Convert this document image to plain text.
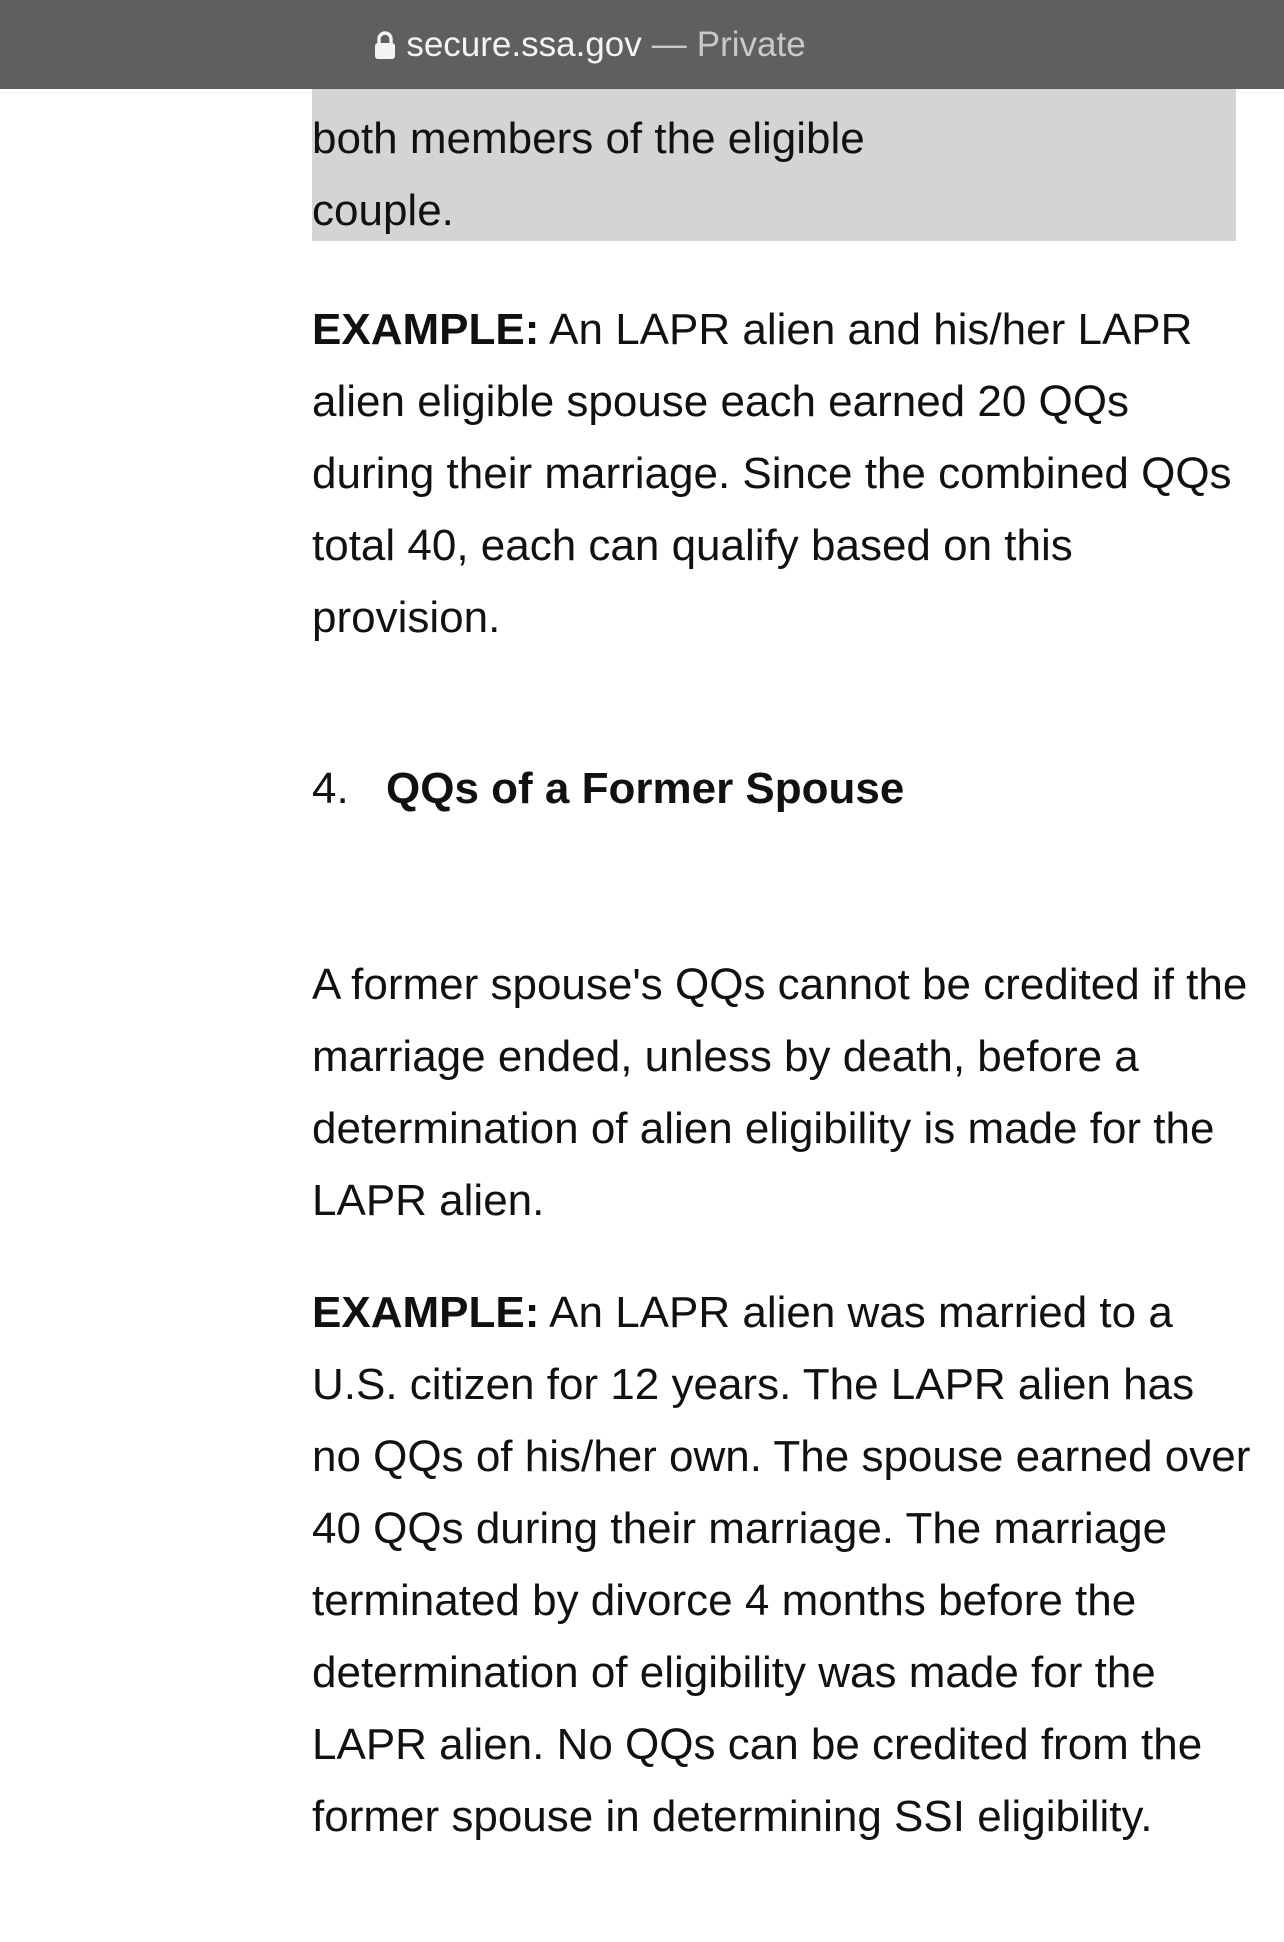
secure.ssa.gov — Private
both members of the eligible couple.

EXAMPLE: An LAPR alien and his/her LAPR alien eligible spouse each earned 20 QQs during their marriage. Since the combined QQs total 40, each can qualify based on this provision.

4. QQs of a Former Spouse

A former spouse's QQs cannot be credited if the marriage ended, unless by death, before a determination of alien eligibility is made for the LAPR alien.

EXAMPLE: An LAPR alien was married to a U.S. citizen for 12 years. The LAPR alien has no QQs of his/her own. The spouse earned over 40 QQs during their marriage. The marriage terminated by divorce 4 months before the determination of eligibility was made for the LAPR alien. No QQs can be credited from the former spouse in determining SSI eligibility.
